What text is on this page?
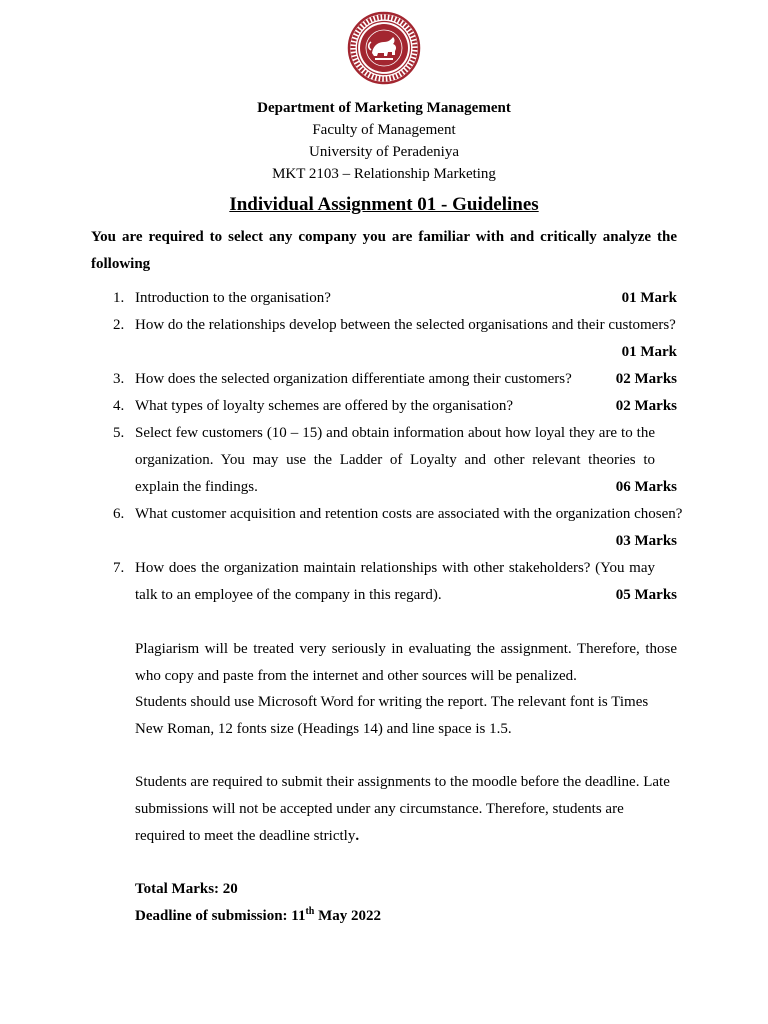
Department of Marketing Management
Faculty of Management
University of Peradeniya
MKT 2103 – Relationship Marketing
Individual Assignment 01 - Guidelines
You are required to select any company you are familiar with and critically analyze the following
1. Introduction to the organisation?	01 Mark
2. How do the relationships develop between the selected organisations and their customers?
01 Mark
3. How does the selected organization differentiate among their customers?	02 Marks
4. What types of loyalty schemes are offered by the organisation?	02 Marks
5. Select few customers (10 – 15) and obtain information about how loyal they are to the organization. You may use the Ladder of Loyalty and other relevant theories to explain the findings.	06 Marks
6. What customer acquisition and retention costs are associated with the organization chosen?
03 Marks
7. How does the organization maintain relationships with other stakeholders? (You may talk to an employee of the company in this regard).	05 Marks
Plagiarism will be treated very seriously in evaluating the assignment. Therefore, those who copy and paste from the internet and other sources will be penalized.
Students should use Microsoft Word for writing the report. The relevant font is Times New Roman, 12 fonts size (Headings 14) and line space is 1.5.
Students are required to submit their assignments to the moodle before the deadline. Late submissions will not be accepted under any circumstance. Therefore, students are required to meet the deadline strictly.
Total Marks: 20
Deadline of submission: 11th May 2022
